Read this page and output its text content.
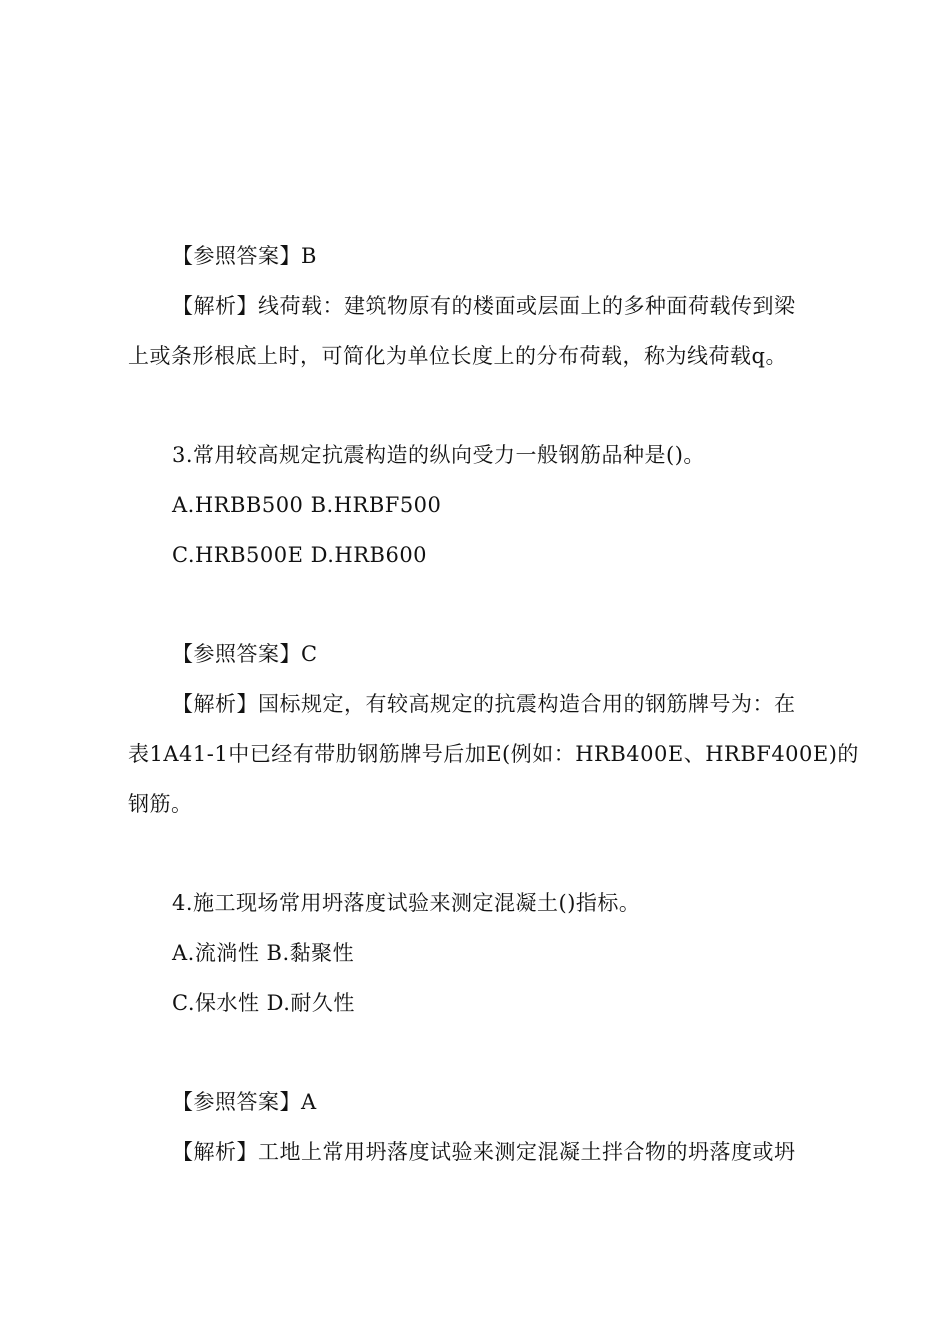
【参照答案】B
【解析】线荷载：建筑物原有的楼面或层面上的多种面荷载传到梁
上或条形根底上时，可简化为单位长度上的分布荷载，称为线荷载q。
3.常用较高规定抗震构造的纵向受力一般钢筋品种是()。
A.HRBB500 B.HRBF500
C.HRB500E D.HRB600
【参照答案】C
【解析】国标规定，有较高规定的抗震构造合用的钢筋牌号为：在
表1A41-1中已经有带肋钢筋牌号后加E(例如：HRB400E、HRBF400E)的
钢筋。
4.施工现场常用坍落度试验来测定混凝土()指标。
A.流淌性 B.黏聚性
C.保水性 D.耐久性
【参照答案】A
【解析】工地上常用坍落度试验来测定混凝土拌合物的坍落度或坍
